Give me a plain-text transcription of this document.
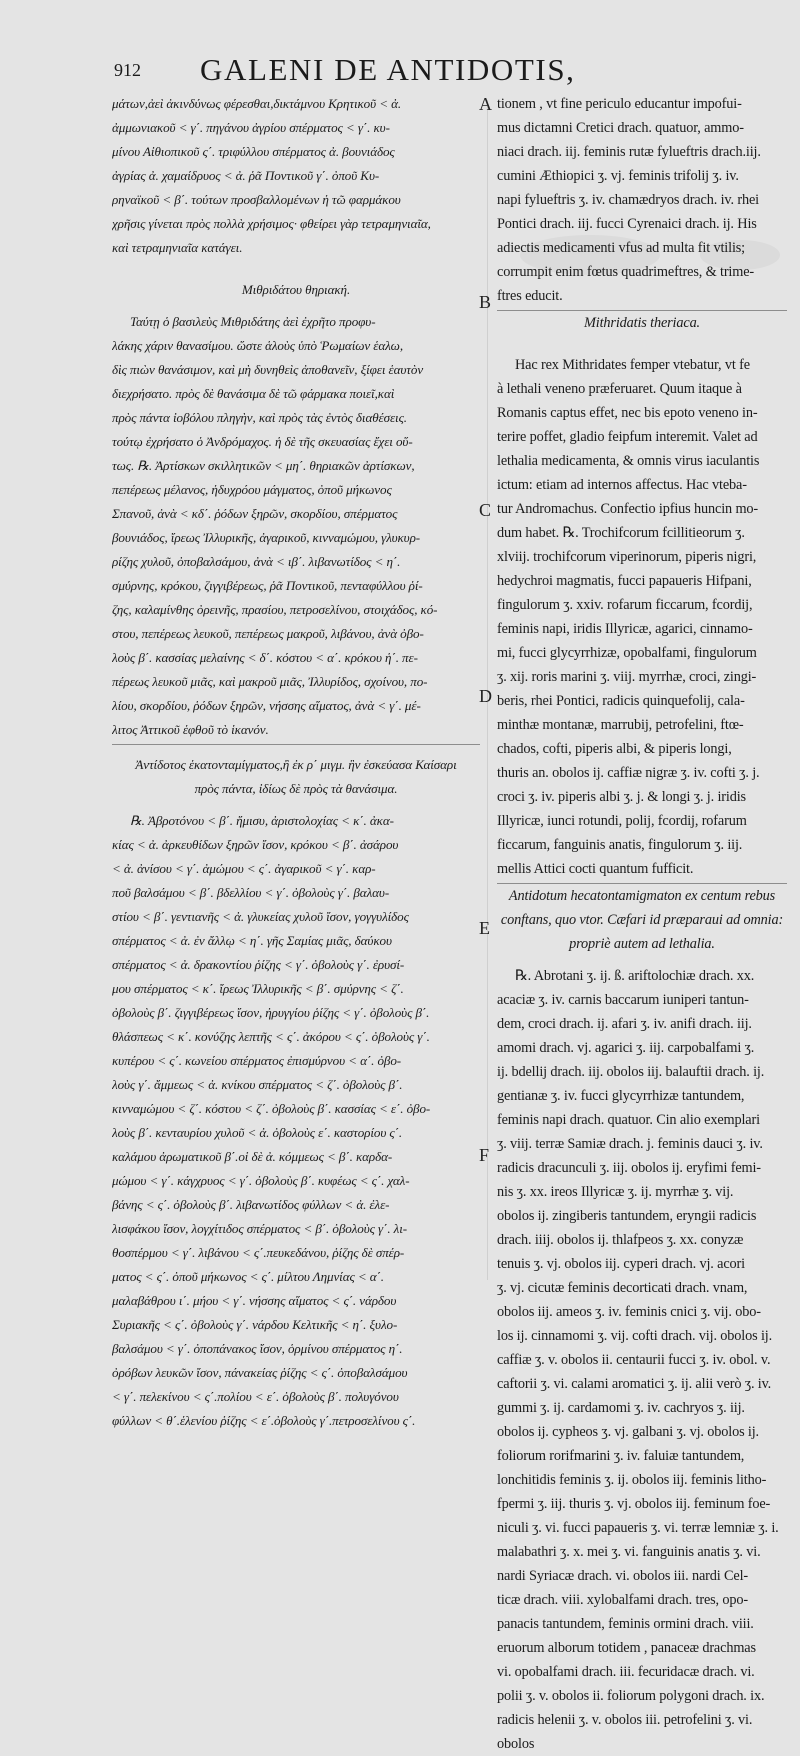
912 GALENI DE ANTIDOTIS,
A
B
C
D
E
F
μάτων,ἀεὶ ἀκινδύνως φέρεσθαι,δικτάμνου Κρητικοῦ < ἀ.
ἀμμωνιακοῦ < γ΄. πηγάνου ἀγρίου σπέρματος < γ΄. κυ-
μίνου Αἰθιοπικοῦ ς΄. τριφύλλου σπέρματος ἀ. βουνιάδος
ἀγρίας ἀ. χαμαίδρυος < ἀ. ῥᾶ Ποντικοῦ γ΄. ὀποῦ Κυ-
ρηναϊκοῦ < β΄. τούτων προσβαλλομένων ἡ τῶ φαρμάκου
χρῆσις γίνεται πρὸς πολλὰ χρήσιμος· φθείρει γὰρ τετραμηνιαῖα,
καὶ τετραμηνιαῖα κατάγει.
Μιθριδάτου θηριακή.
Ταύτῃ ὁ βασιλεὺς Μιθριδάτης ἀεὶ ἐχρῆτο προφυ-
λάκης χάριν θανασίμου. ὥστε ἁλοὺς ὑπὸ Ῥωμαίων ἑαλω,
δὶς πιὼν θανάσιμον, καὶ μὴ δυνηθεὶς ἀποθανεῖν, ξίφει ἑαυτὸν
διεχρήσατο. πρὸς δὲ θανάσιμα δὲ τῶ φάρμακα ποιεῖ,καὶ
πρὸς πάντα ἰοβόλου πληγὴν, καὶ πρὸς τὰς ἐντὸς διαθέσεις.
τούτῳ ἐχρήσατο ὁ Ἀνδρόμαχος. ἡ δὲ τῆς σκευασίας ἔχει οὕ-
τως. ℞. Ἀρτίσκων σκιλλητικῶν < μη΄. θηριακῶν ἀρτίσκων,
πεπέρεως μέλανος, ἡδυχρόου μάγματος, ὀποῦ μήκωνος
Σπανοῦ, ἀνὰ < κδ΄. ῥόδων ξηρῶν, σκορδίου, σπέρματος
βουνιάδος, ἴρεως Ἰλλυρικῆς, ἀγαρικοῦ, κινναμώμου, γλυκυρ-
ρίζης χυλοῦ, ὀποβαλσάμου, ἀνὰ < ιβ΄. λιβανωτίδος < η΄.
σμύρνης, κρόκου, ζιγγιβέρεως, ῥᾶ Ποντικοῦ, πενταφύλλου ῥί-
ζης, καλαμίνθης ὀρεινῆς, πρασίου, πετροσελίνου, στοιχάδος, κό-
στου, πεπέρεως λευκοῦ, πεπέρεως μακροῦ, λιβάνου, ἀνὰ ὀβο-
λοὺς β΄. κασσίας μελαίνης < δ΄. κόστου < α΄. κρόκου ἡ΄. πε-
πέρεως λευκοῦ μιᾶς, καὶ μακροῦ μιᾶς, Ἰλλυρίδος, σχοίνου, πο-
λίου, σκορδίου, ῥόδων ξηρῶν, νήσσης αἵματος, ἀνὰ < γ΄. μέ-
λιτος Ἀττικοῦ ἑφθοῦ τὸ ἱκανόν.
Ἀντίδοτος ἑκατονταμίγματος,ἢ ἐκ ρ΄ μιγμ. ἣν ἐσκεύασα Καίσαρι
πρὸς πάντα, ἰδίως δὲ πρὸς τὰ θανάσιμα.
℞. Ἀβροτόνου < β΄. ἥμισυ, ἀριστολοχίας < κ΄. ἀκα-
κίας < ἀ. ἀρκευθίδων ξηρῶν ἴσον, κρόκου < β΄. ἀσάρου
< ἀ. ἀνίσου < γ΄. ἀμώμου < ς΄. ἀγαρικοῦ < γ΄. καρ-
ποῦ βαλσάμου < β΄. βδελλίου < γ΄. ὀβολοὺς γ΄. βαλαυ-
στίου < β΄. γεντιανῆς < ἀ. γλυκείας χυλοῦ ἴσον, γογγυλίδος
σπέρματος < ἀ. ἐν ἄλλῳ < η΄. γῆς Σαμίας μιᾶς, δαύκου
σπέρματος < ἀ. δρακοντίου ῥίζης < γ΄. ὀβολοὺς γ΄. ἐρυσί-
μου σπέρματος < κ΄. ἴρεως Ἰλλυρικῆς < β΄. σμύρνης < ζ΄.
ὀβολοὺς β΄. ζιγγιβέρεως ἴσον, ἠρυγγίου ῥίζης < γ΄. ὀβολοὺς β΄.
θλάσπεως < κ΄. κονύζης λεπτῆς < ς΄. ἀκόρου < ς΄. ὀβολοὺς γ΄.
κυπέρου < ς΄. κωνείου σπέρματος ἐπισμύρνου < α΄. ὀβο-
λοὺς γ΄. ἄμμεως < ἀ. κνίκου σπέρματος < ζ΄. ὀβολοὺς β΄.
κινναμώμου < ζ΄. κόστου < ζ΄. ὀβολοὺς β΄. κασσίας < ε΄. ὀβο-
λοὺς β΄. κενταυρίου χυλοῦ < ἀ. ὀβολοὺς ε΄. καστορίου ς΄.
καλάμου ἀρωματικοῦ β΄.οἱ δὲ ἀ. κόμμεως < β΄. καρδα-
μώμου < γ΄. κάγχρυος < γ΄. ὀβολοὺς β΄. κυφέως < ς΄. χαλ-
βάνης < ς΄. ὀβολοὺς β΄. λιβανωτίδος φύλλων < ἀ. ἐλε-
λισφάκου ἴσον, λογχίτιδος σπέρματος < β΄. ὀβολοὺς γ΄. λι-
θοσπέρμου < γ΄. λιβάνου < ς΄.πευκεδάνου, ῥίζης δὲ σπέρ-
ματος < ς΄. ὀποῦ μήκωνος < ς΄. μίλτου Λημνίας < α΄.
μαλαβάθρου ι΄. μήου < γ΄. νήσσης αἵματος < ς΄. νάρδου
Συριακῆς < ς΄. ὀβολοὺς γ΄. νάρδου Κελτικῆς < η΄. ξυλο-
βαλσάμου < γ΄. ὀποπάνακος ἴσον, ὁρμίνου σπέρματος η΄.
ὀρόβων λευκῶν ἴσον, πάνακείας ῥίζης < ς΄. ὀποβαλσάμου
< γ΄. πελεκίνου < ς΄.πολίου < ε΄. ὀβολοὺς β΄. πολυγόνου
φύλλων < θ΄.ἑλενίου ῥίζης < ε΄.ὀβολοὺς γ΄.πετροσελίνου ς΄.
tionem , vt fine periculo educantur impofui-
mus dictamni Cretici drach. quatuor, ammo-
niaci drach. iij. feminis rutæ fylueftris drach.iij.
cumini Æthiopici ʒ. vj. feminis trifolij ʒ. iv.
napi fylueftris ʒ. iv. chamædryos drach. iv. rhei
Pontici drach. iij. fucci Cyrenaici drach. ij. His
adiectis medicamenti vfus ad multa fit vtilis;
corrumpit enim fœtus quadrimeftres, & trime-
ftres educit.
Mithridatis theriaca.
Hac rex Mithridates femper vtebatur, vt fe
à lethali veneno præferuaret. Quum itaque à
Romanis captus effet, nec bis epoto veneno in-
terire poffet, gladio feipfum interemit. Valet ad
lethalia medicamenta, & omnis virus iaculantis
ictum: etiam ad internos affectus. Hac vteba-
tur Andromachus. Confectio ipfius huncin mo-
dum habet. ℞. Trochifcorum fcillitieorum ʒ.
xlviij. trochifcorum viperinorum, piperis nigri,
hedychroi magmatis, fucci papaueris Hifpani,
fingulorum ʒ. xxiv. rofarum ficcarum, fcordij,
feminis napi, iridis Illyricæ, agarici, cinnamo-
mi, fucci glycyrrhizæ, opobalfami, fingulorum
ʒ. xij. roris marini ʒ. viij. myrrhæ, croci, zingi-
beris, rhei Pontici, radicis quinquefolij, cala-
minthæ montanæ, marrubij, petrofelini, ftœ-
chados, cofti, piperis albi, & piperis longi,
thuris an. obolos ij. caffiæ nigræ ʒ. iv. cofti ʒ. j.
croci ʒ. iv. piperis albi ʒ. j. & longi ʒ. j. iridis
Illyricæ, iunci rotundi, polij, fcordij, rofarum
ficcarum, fanguinis anatis, fingulorum ʒ. iij.
mellis Attici cocti quantum fufficit.
Antidotum hecatontamigmaton ex centum rebus
conftans, quo vtor. Cæfari id præparaui ad omnia:
propriè autem ad lethalia.
℞. Abrotani ʒ. ij. ß. ariftolochiæ drach. xx.
acaciæ ʒ. iv. carnis baccarum iuniperi tantun-
dem, croci drach. ij. afari ʒ. iv. anifi drach. iij.
amomi drach. vj. agarici ʒ. iij. carpobalfami ʒ.
ij. bdellij drach. iij. obolos iij. balauftii drach. ij.
gentianæ ʒ. iv. fucci glycyrrhizæ tantundem,
feminis napi drach. quatuor. Cin alio exemplari
ʒ. viij. terræ Samiæ drach. j. feminis dauci ʒ. iv.
radicis dracunculi ʒ. iij. obolos ij. eryfimi femi-
nis ʒ. xx. ireos Illyricæ ʒ. ij. myrrhæ ʒ. vij.
obolos ij. zingiberis tantundem, eryngii radicis
drach. iiij. obolos ij. thlafpeos ʒ. xx. conyzæ
tenuis ʒ. vj. obolos iij. cyperi drach. vj. acori
ʒ. vj. cicutæ feminis decorticati drach. vnam,
obolos iij. ameos ʒ. iv. feminis cnici ʒ. vij. obo-
los ij. cinnamomi ʒ. vij. cofti drach. vij. obolos ij.
caffiæ ʒ. v. obolos ii. centaurii fucci ʒ. iv. obol. v.
caftorii ʒ. vi. calami aromatici ʒ. ij. alii verò ʒ. iv.
gummi ʒ. ij. cardamomi ʒ. iv. cachryos ʒ. iij.
obolos ij. cypheos ʒ. vj. galbani ʒ. vj. obolos ij.
foliorum rorifmarini ʒ. iv. faluiæ tantundem,
lonchitidis feminis ʒ. ij. obolos iij. feminis litho-
fpermi ʒ. iij. thuris ʒ. vj. obolos iij. feminum foe-
niculi ʒ. vi. fucci papaueris ʒ. vi. terræ lemniæ ʒ. i.
malabathri ʒ. x. mei ʒ. vi. fanguinis anatis ʒ. vi.
nardi Syriacæ drach. vi. obolos iii. nardi Cel-
ticæ drach. viii. xylobalfami drach. tres, opo-
panacis tantundem, feminis ormini drach. viii.
eruorum alborum totidem , panaceæ drachmas
vi. opobalfami drach. iii. fecuridacæ drach. vi.
polii ʒ. v. obolos ii. foliorum polygoni drach. ix.
radicis helenii ʒ. v. obolos iii. petrofelini ʒ. vi.
obolos
